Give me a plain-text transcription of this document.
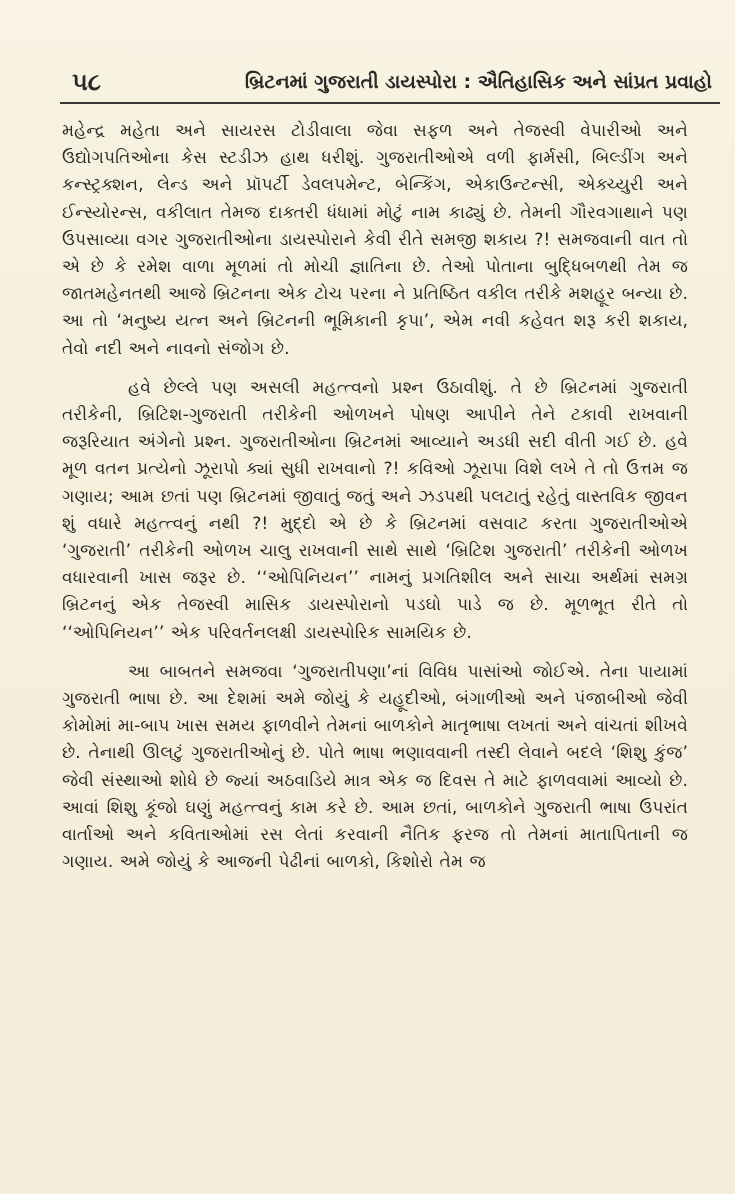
૫૮	બ્રિટનમાં ગુજરાતી ડાયસ્પોરા : ઐતિહાસિક અને સાંપ્રત પ્રવાહો

મહેન્દ્ર મહેતા અને સાયરસ ટોડીવાલા જેવા સફળ અને તેજસ્વી વેપારીઓ અને ઉદ્યોગપતિઓના કેસ સ્ટડીઝ હાથ ધરીશું. ગુજરાતીઓએ વળી ફાર્મસી, બિલ્ડીંગ અને કન્સ્ટ્રક્શન, લેન્ડ અને પ્રૉપર્ટી ડેવલપમેન્ટ, બેન્કિંગ, એકાઉન્ટન્સી, એક્ચ્યુરી અને ઈન્સ્યોરન્સ, વકીલાત તેમજ દાક્તરી ધંધામાં મોટું નામ કાઢ્યું છે. તેમની ગૌરવગાથાને પણ ઉપસાવ્યા વગર ગુજરાતીઓના ડાયસ્પોરાને કેવી રીતે સમજી શકાય ?! સમજવાની વાત તો એ છે કે રમેશ વાળા મૂળમાં તો મોચી જ્ઞાતિના છે. તેઓ પોતાના બુદ્ધિબળથી તેમ જ જાતમહેનતથી આજે બ્રિટનના એક ટોચ પરના ને પ્રતિષ્ઠિત વકીલ તરીકે મશહૂર બન્યા છે. આ તો ‘મનુષ્ય યત્ન અને બ્રિટનની ભૂમિકાની કૃપા’, એમ નવી કહેવત શરૂ કરી શકાય, તેવો નદી અને નાવનો સંજોગ છે.

હવે છેલ્લે પણ અસલી મહત્ત્વનો પ્રશ્ન ઉઠાવીશું. તે છે બ્રિટનમાં ગુજરાતી તરીકેની, બ્રિટિશ-ગુજરાતી તરીકેની ઓળખને પોષણ આપીને તેને ટકાવી રાખવાની જરૂરિયાત અંગેનો પ્રશ્ન. ગુજરાતીઓના બ્રિટનમાં આવ્યાને અડધી સદી વીતી ગઈ છે. હવે મૂળ વતન પ્રત્યેનો ઝૂરાપો ક્યાં સુધી રાખવાનો ?! કવિઓ ઝૂરાપા વિશે લખે તે તો ઉત્તમ જ ગણાય; આમ છતાં પણ બ્રિટનમાં જીવાતું જતું અને ઝડપથી પલટાતું રહેતું વાસ્તવિક જીવન શું વધારે મહત્ત્વનું નથી ?! મુદ્દો એ છે કે બ્રિટનમાં વસવાટ કરતા ગુજરાતીઓએ ‘ગુજરાતી’ તરીકેની ઓળખ ચાલુ રાખવાની સાથે સાથે ‘બ્રિટિશ ગુજરાતી’ તરીકેની ઓળખ વધારવાની ખાસ જરૂર છે. ‘‘ઓપિનિયન’’ નામનું પ્રગતિશીલ અને સાચા અર્થમાં સમગ્ર બ્રિટનનું એક તેજસ્વી માસિક ડાયસ્પોરાનો પડઘો પાડે જ છે. મૂળભૂત રીતે તો ‘‘ઓપિનિયન’’ એક પરિવર્તનલક્ષી ડાયસ્પોરિક સામયિક છે.

આ બાબતને સમજવા ‘ગુજરાતીપણા’નાં વિવિધ પાસાંઓ જોઈએ. તેના પાયામાં ગુજરાતી ભાષા છે. આ દેશમાં અમે જોયું કે યહૂદીઓ, બંગાળીઓ અને પંજાબીઓ જેવી કોમોમાં મા-બાપ ખાસ સમય ફાળવીને તેમનાં બાળકોને માતૃભાષા લખતાં અને વાંચતાં શીખવે છે. તેનાથી ઊલટું ગુજરાતીઓનું છે. પોતે ભાષા ભણાવવાની તસ્દી લેવાને બદલે ‘શિશુ કુંજ’ જેવી સંસ્થાઓ શોધે છે જ્યાં અઠવાડિયે માત્ર એક જ દિવસ તે માટે ફાળવવામાં આવ્યો છે. આવાં શિશુ કૂંજો ઘણું મહત્ત્વનું કામ કરે છે. આમ છતાં, બાળકોને ગુજરાતી ભાષા ઉપરાંત વાર્તાઓ અને કવિતાઓમાં રસ લેતાં કરવાની નૈતિક ફરજ તો તેમનાં માતાપિતાની જ ગણાય. અમે જોયું કે આજની પેઢીનાં બાળકો, કિશોરો તેમ જ
